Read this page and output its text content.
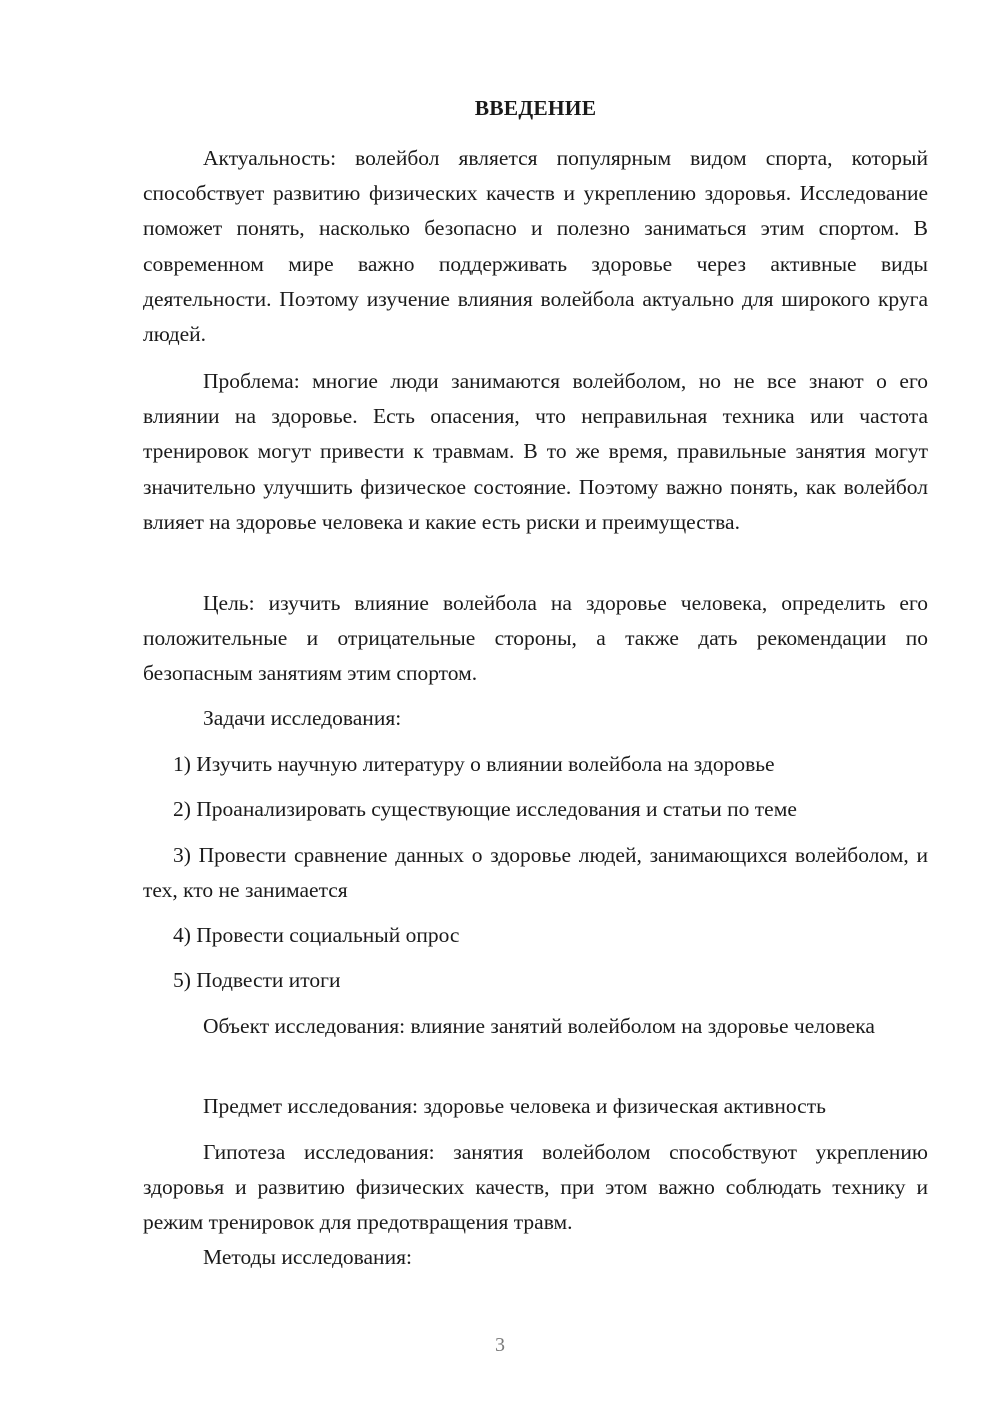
ВВЕДЕНИЕ

Актуальность: волейбол является популярным видом спорта, который способствует развитию физических качеств и укреплению здоровья. Исследование поможет понять, насколько безопасно и полезно заниматься этим спортом. В современном мире важно поддерживать здоровье через активные виды деятельности. Поэтому изучение влияния волейбола актуально для широкого круга людей.

Проблема: многие люди занимаются волейболом, но не все знают о его влиянии на здоровье. Есть опасения, что неправильная техника или частота тренировок могут привести к травмам. В то же время, правильные занятия могут значительно улучшить физическое состояние. Поэтому важно понять, как волейбол влияет на здоровье человека и какие есть риски и преимущества.

Цель: изучить влияние волейбола на здоровье человека, определить его положительные и отрицательные стороны, а также дать рекомендации по безопасным занятиям этим спортом.

Задачи исследования:

1) Изучить научную литературу о влиянии волейбола на здоровье

2) Проанализировать существующие исследования и статьи по теме

3) Провести сравнение данных о здоровье людей, занимающихся волейболом, и тех, кто не занимается

4) Провести социальный опрос

5) Подвести итоги

Объект исследования: влияние занятий волейболом на здоровье человека

Предмет исследования: здоровье человека и физическая активность

Гипотеза исследования: занятия волейболом способствуют укреплению здоровья и развитию физических качеств, при этом важно соблюдать технику и режим тренировок для предотвращения травм.

Методы исследования:

3
